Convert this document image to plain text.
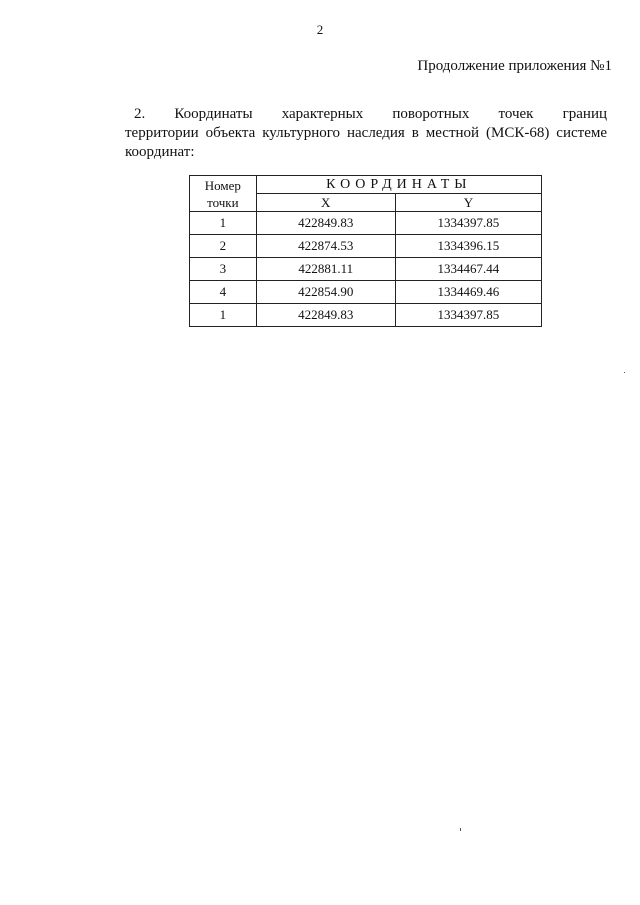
2
Продолжение приложения №1
2. Координаты характерных поворотных точек границ
территории объекта культурного наследия в местной (МСК-68) системе
координат:
Номер
точки	КООРДИНАТЫ	
	X	Y
1	422849.83	1334397.85
2	422874.53	1334396.15
3	422881.11	1334467.44
4	422854.90	1334469.46
1	422849.83	1334397.85
